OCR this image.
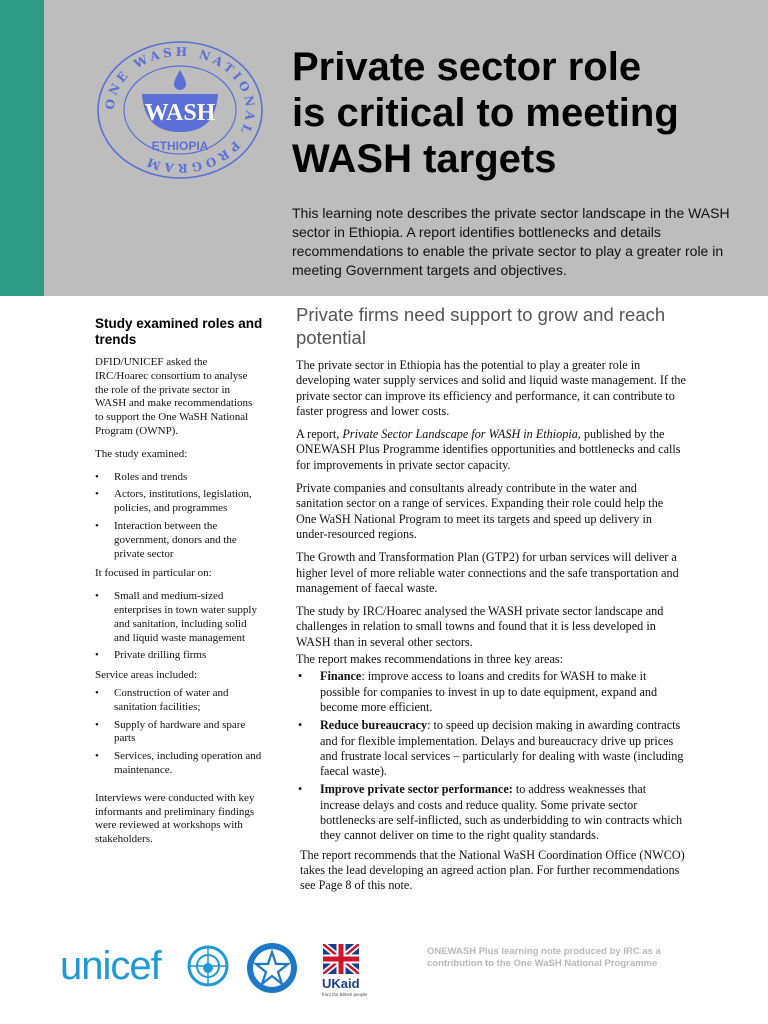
ONE WASH NATIONAL PROGRAM
WASH
ETHIOPIA
Private sector role
is critical to meeting
WASH targets

This learning note describes the private sector landscape in the WASH sector in Ethiopia. A report identifies bottlenecks and details recommendations to enable the private sector to play a greater role in meeting Government targets and objectives.

Study examined roles and trends

DFID/UNICEF asked the IRC/Hoarec consortium to analyse the role of the private sector in WASH and make recommendations to support the One WaSH National Program (OWNP).

The study examined:

• Roles and trends
• Actors, institutions, legislation, policies, and programmes
• Interaction between the government, donors and the private sector

It focused in particular on:

• Small and medium-sized enterprises in town water supply and sanitation, including solid and liquid waste management
• Private drilling firms

Service areas included:

• Construction of water and sanitation facilities;
• Supply of hardware and spare parts
• Services, including operation and maintenance.

Interviews were conducted with key informants and preliminary findings were reviewed at workshops with stakeholders.

Private firms need support to grow and reach potential

The private sector in Ethiopia has the potential to play a greater role in developing water supply services and solid and liquid waste management. If the private sector can improve its efficiency and performance, it can contribute to faster progress and lower costs.

A report, Private Sector Landscape for WASH in Ethiopia, published by the ONEWASH Plus Programme identifies opportunities and bottlenecks and calls for improvements in private sector capacity.

Private companies and consultants already contribute in the water and sanitation sector on a range of services. Expanding their role could help the One WaSH National Program to meet its targets and speed up delivery in under-resourced regions.

The Growth and Transformation Plan (GTP2) for urban services will deliver a higher level of more reliable water connections and the safe transportation and management of faecal waste.

The study by IRC/Hoarec analysed the WASH private sector landscape and challenges in relation to small towns and found that it is less developed in WASH than in several other sectors.

The report makes recommendations in three key areas:

• Finance: improve access to loans and credits for WASH to make it possible for companies to invest in up to date equipment, expand and become more efficient.
• Reduce bureaucracy: to speed up decision making in awarding contracts and for flexible implementation. Delays and bureaucracy drive up prices and frustrate local services – particularly for dealing with waste (including faecal waste).
• Improve private sector performance: to address weaknesses that increase delays and costs and reduce quality. Some private sector bottlenecks are self-inflicted, such as underbidding to win contracts which they cannot deliver on time to the right quality standards.

The report recommends that the National WaSH Coordination Office (NWCO) takes the lead developing an agreed action plan. For further recommendations see Page 8 of this note.

unicef	UKaid
from the British people

ONEWASH Plus learning note produced by IRC as a contribution to the One WaSH National Programme
